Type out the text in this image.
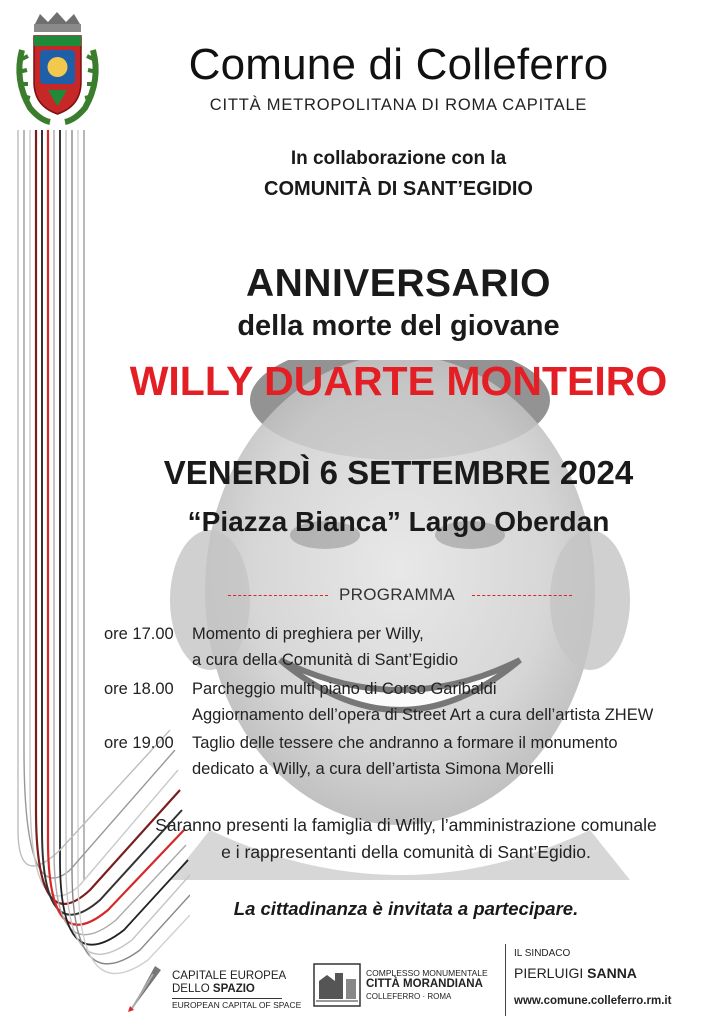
Comune di Colleferro
CITTÀ METROPOLITANA DI ROMA CAPITALE
In collaborazione con la
COMUNITÀ DI SANT’EGIDIO
ANNIVERSARIO
della morte del giovane
WILLY DUARTE MONTEIRO
VENERDÌ 6 SETTEMBRE 2024
“Piazza Bianca” Largo Oberdan
PROGRAMMA
ore 17.00 Momento di preghiera per Willy,
a cura della Comunità di Sant’Egidio
ore 18.00 Parcheggio multi piano di Corso Garibaldi
Aggiornamento dell’opera di Street Art a cura dell’artista ZHEW
ore 19.00 Taglio delle tessere che andranno a formare il monumento
dedicato a Willy, a cura dell’artista Simona Morelli
Saranno presenti la famiglia di Willy, l’amministrazione comunale
e i rappresentanti della comunità di Sant’Egidio.
La cittadinanza è invitata a partecipare.
CAPITALE EUROPEA
DELLO SPAZIO
EUROPEAN CAPITAL OF SPACE
COMPLESSO MONUMENTALE
CITTÀ MORANDIANA
COLLEFERRO · ROMA
IL SINDACO
PIERLUIGI SANNA
www.comune.colleferro.rm.it
